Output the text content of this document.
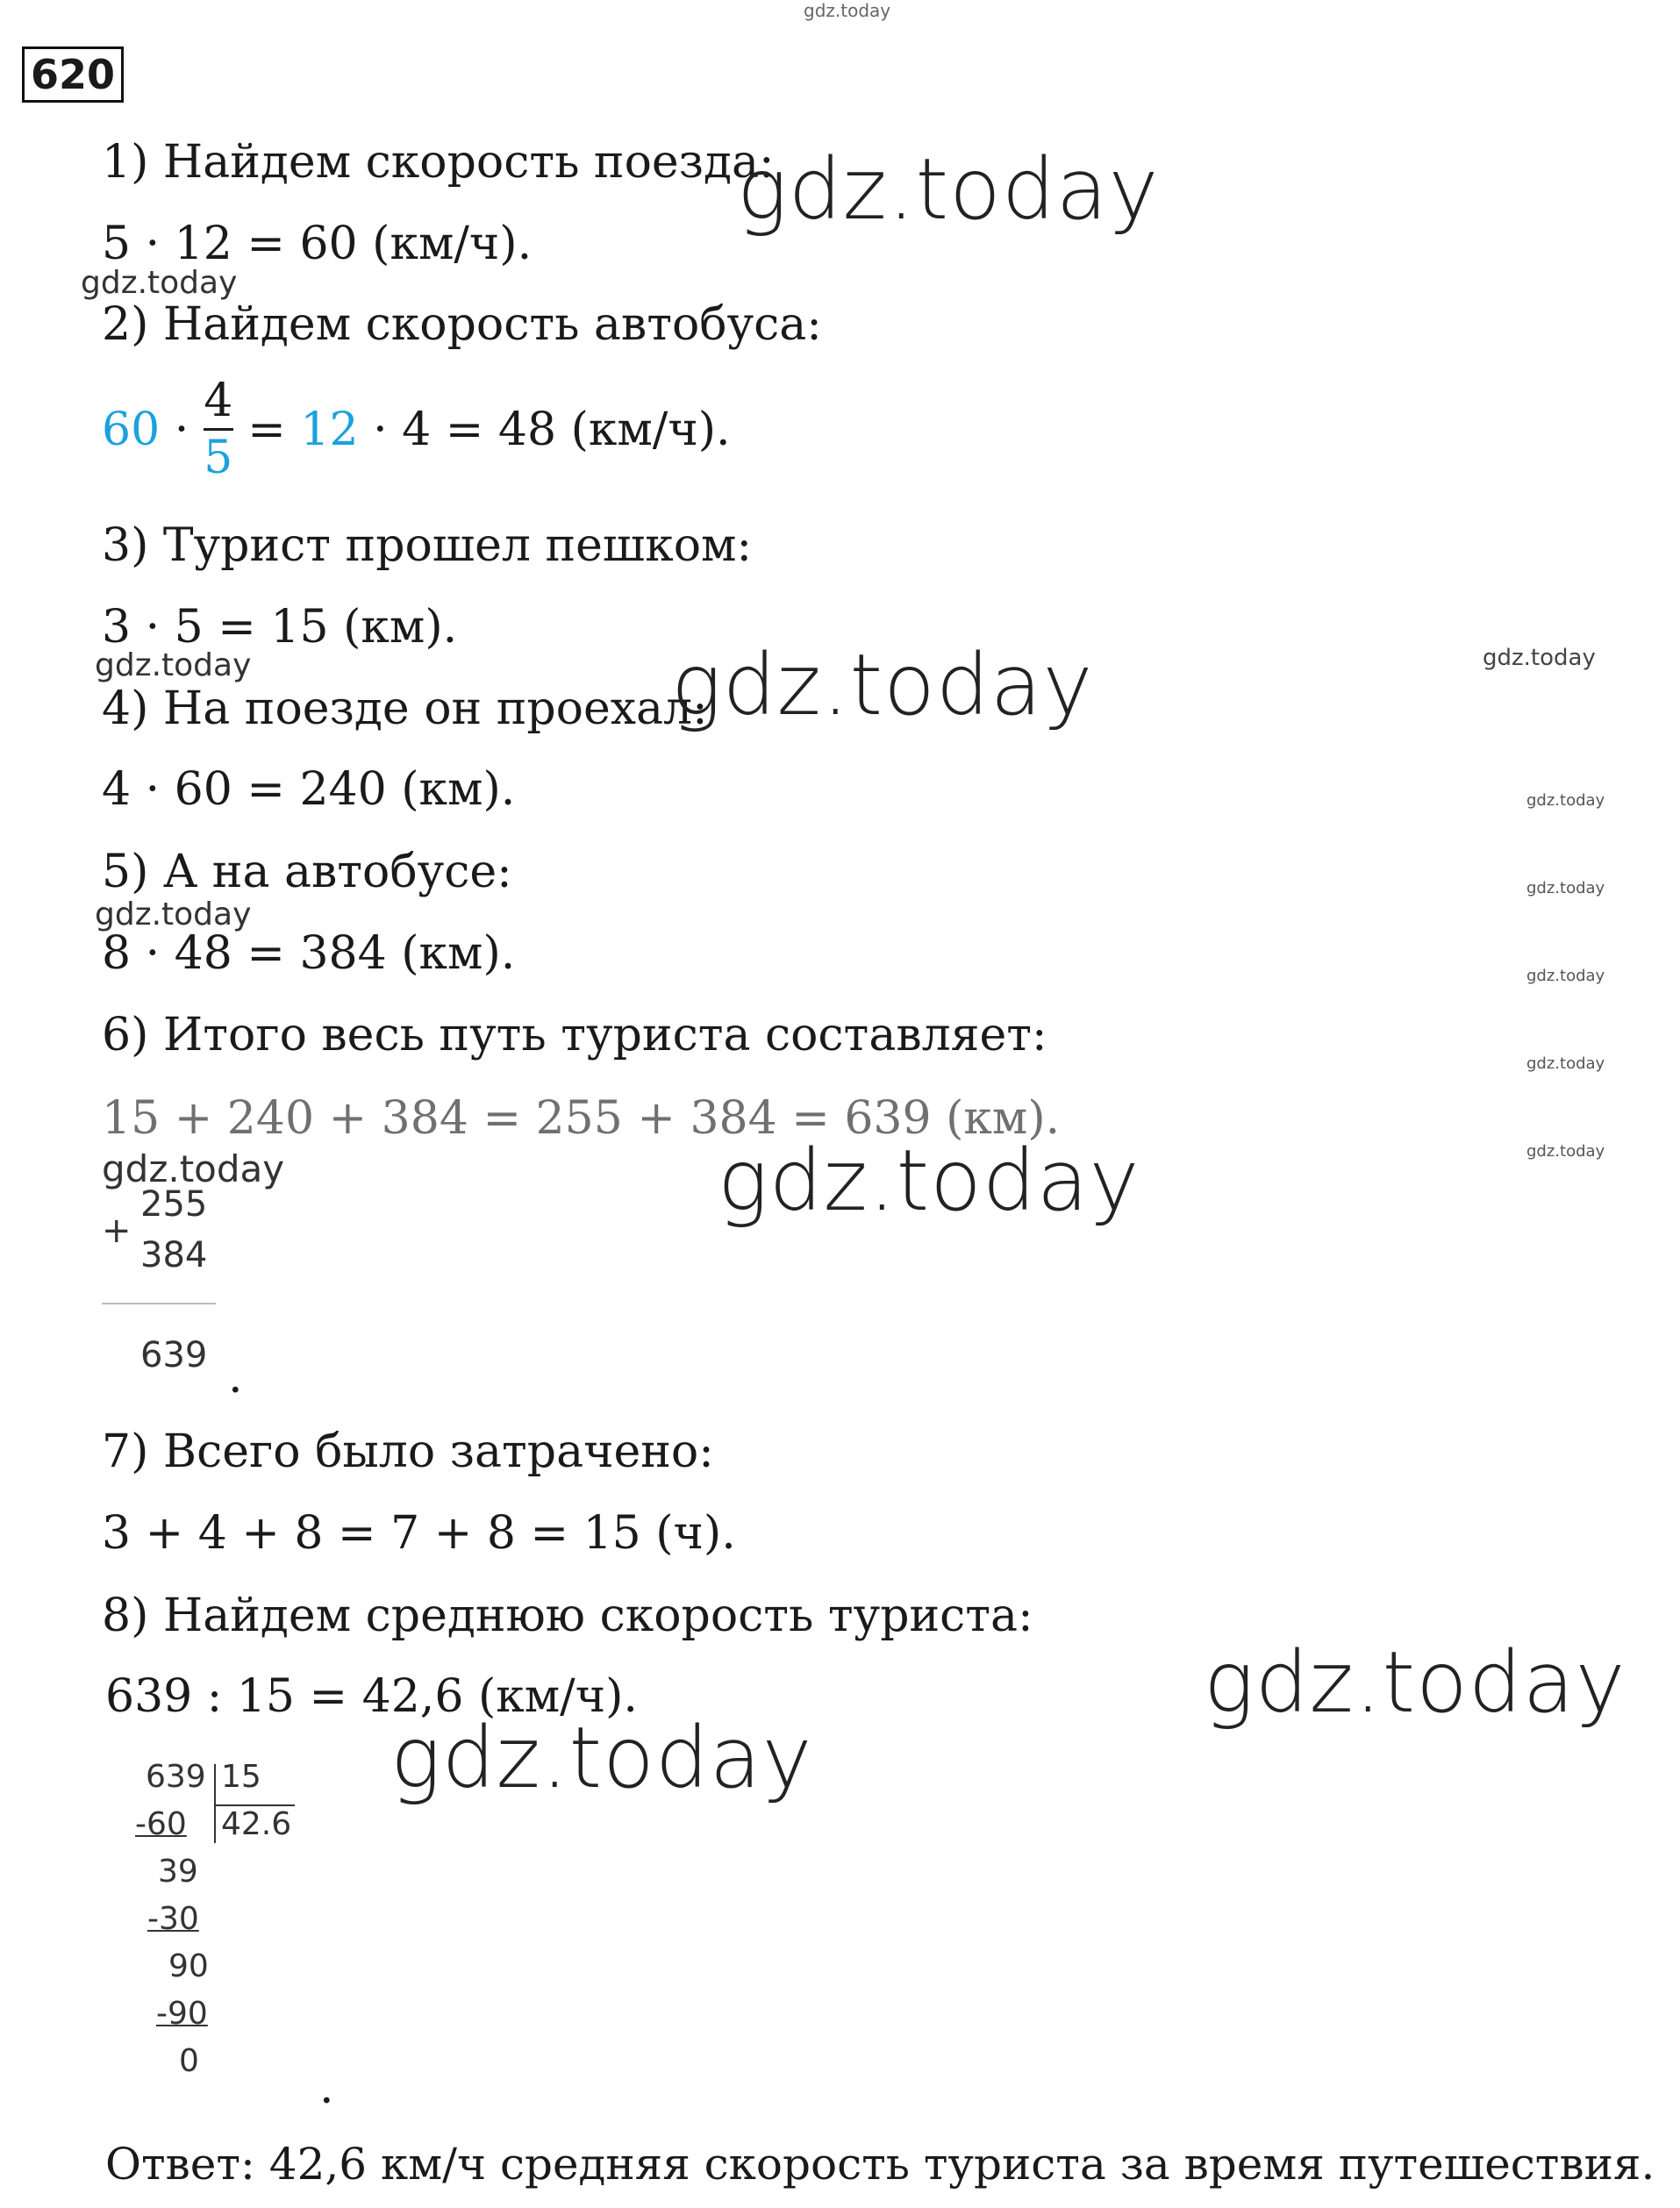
gdz.today
620
1) Найдем скорость поезда:
5 · 12 = 60 (км/ч).
2) Найдем скорость автобуса:
$60 \cdot \frac{4}{5} = 12 \cdot 4 = 48$ (км/ч).
3) Турист прошел пешком:
3 · 5 = 15 (км).
4) На поезде он проехал:
4 · 60 = 240 (км).
5) А на автобусе:
8 · 48 = 384 (км).
6) Итого весь путь туриста составляет:
15 + 240 + 384 = 255 + 384 = 639 (км).
255
+
384
639 .
7) Всего было затрачено:
3 + 4 + 8 = 7 + 8 = 15 (ч).
8) Найдем среднюю скорость туриста:
639 : 15 = 42,6 (км/ч).
639 15
42.6
-60
39
-30
90
-90
0
.
Ответ: 42,6 км/ч средняя скорость туриста за время путешествия.
gdz.today
gdz.today
gdz.today
gdz.today
gdz.today
gdz.today
gdz.today
gdz.today
gdz.today
gdz.today
gdz.today
gdz.today
gdz.today
gdz.today
gdz.today
